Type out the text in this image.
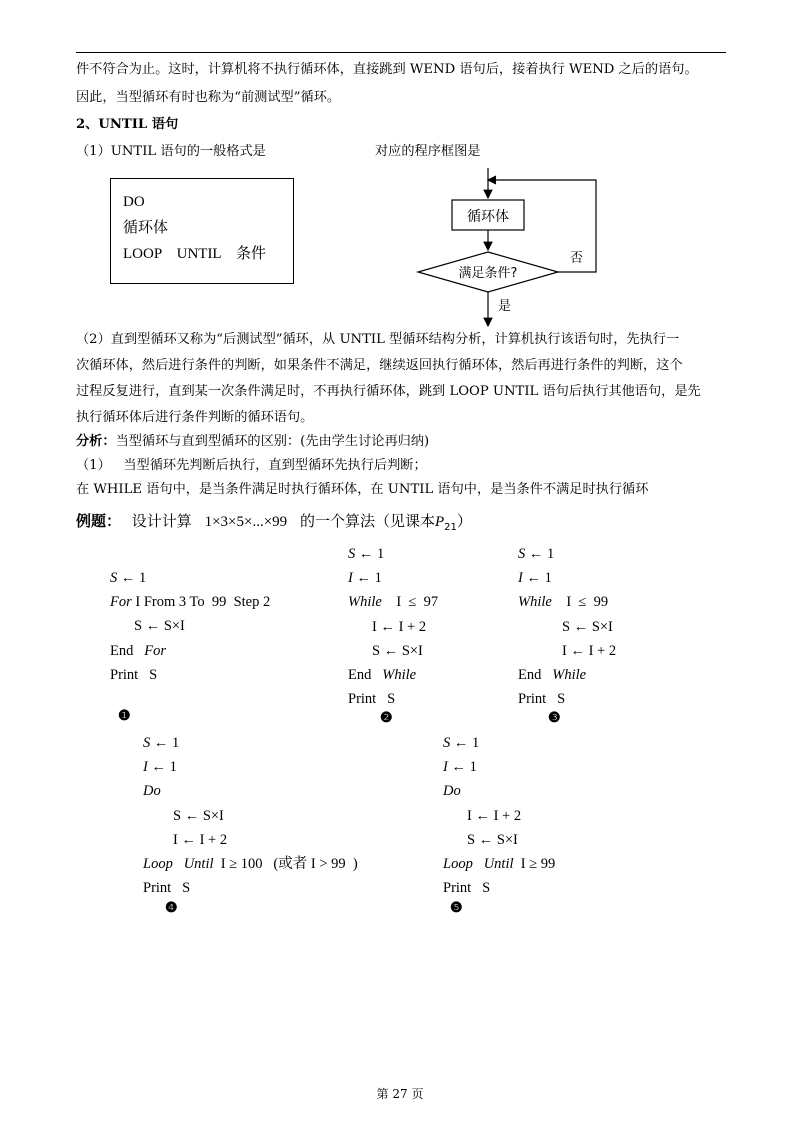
件不符合为止。这时，计算机将不执行循环体，直接跳到 WEND 语句后，接着执行 WEND 之后的语句。
因此，当型循环有时也称为“前测试型”循环。
2、UNTIL 语句
（1）UNTIL 语句的一般格式是	对应的程序框图是
DO
循环体
LOOP    UNTIL    条件
循环体
满足条件?
否
是
（2）直到型循环又称为“后测试型”循环，从 UNTIL 型循环结构分析，计算机执行该语句时，先执行一
次循环体，然后进行条件的判断，如果条件不满足，继续返回执行循环体，然后再进行条件的判断，这个
过程反复进行，直到某一次条件满足时，不再执行循环体，跳到 LOOP UNTIL 语句后执行其他语句，是先
执行循环体后进行条件判断的循环语句。
分析：当型循环与直到型循环的区别：(先由学生讨论再归纳)
（1）   当型循环先判断后执行，直到型循环先执行后判断；
在 WHILE 语句中，是当条件满足时执行循环体，在 UNTIL 语句中，是当条件不满足时执行循环
例题： 设计计算 1×3×5×...×99 的一个算法（见课本$P_{21}$）
S ← 1
For I From 3 To  99  Step 2
S ← S×I
End For
Print   S
❶
S ← 1
I ← 1
While    I  ≤  97
I ← I + 2
S ← S×I
End While
Print   S
❷
S ← 1
I ← 1
While    I  ≤  99
S ← S×I
I ← I + 2
End While
Print   S
❸
S ← 1
I ← 1
Do
S ← S×I
I ← I + 2
Loop   Until  I ≥ 100   (或者 I > 99  )
Print   S
❹
S ← 1
I ← 1
Do
I ← I + 2
S ← S×I
Loop   Until  I ≥ 99
Print   S
❺
第 27 页
